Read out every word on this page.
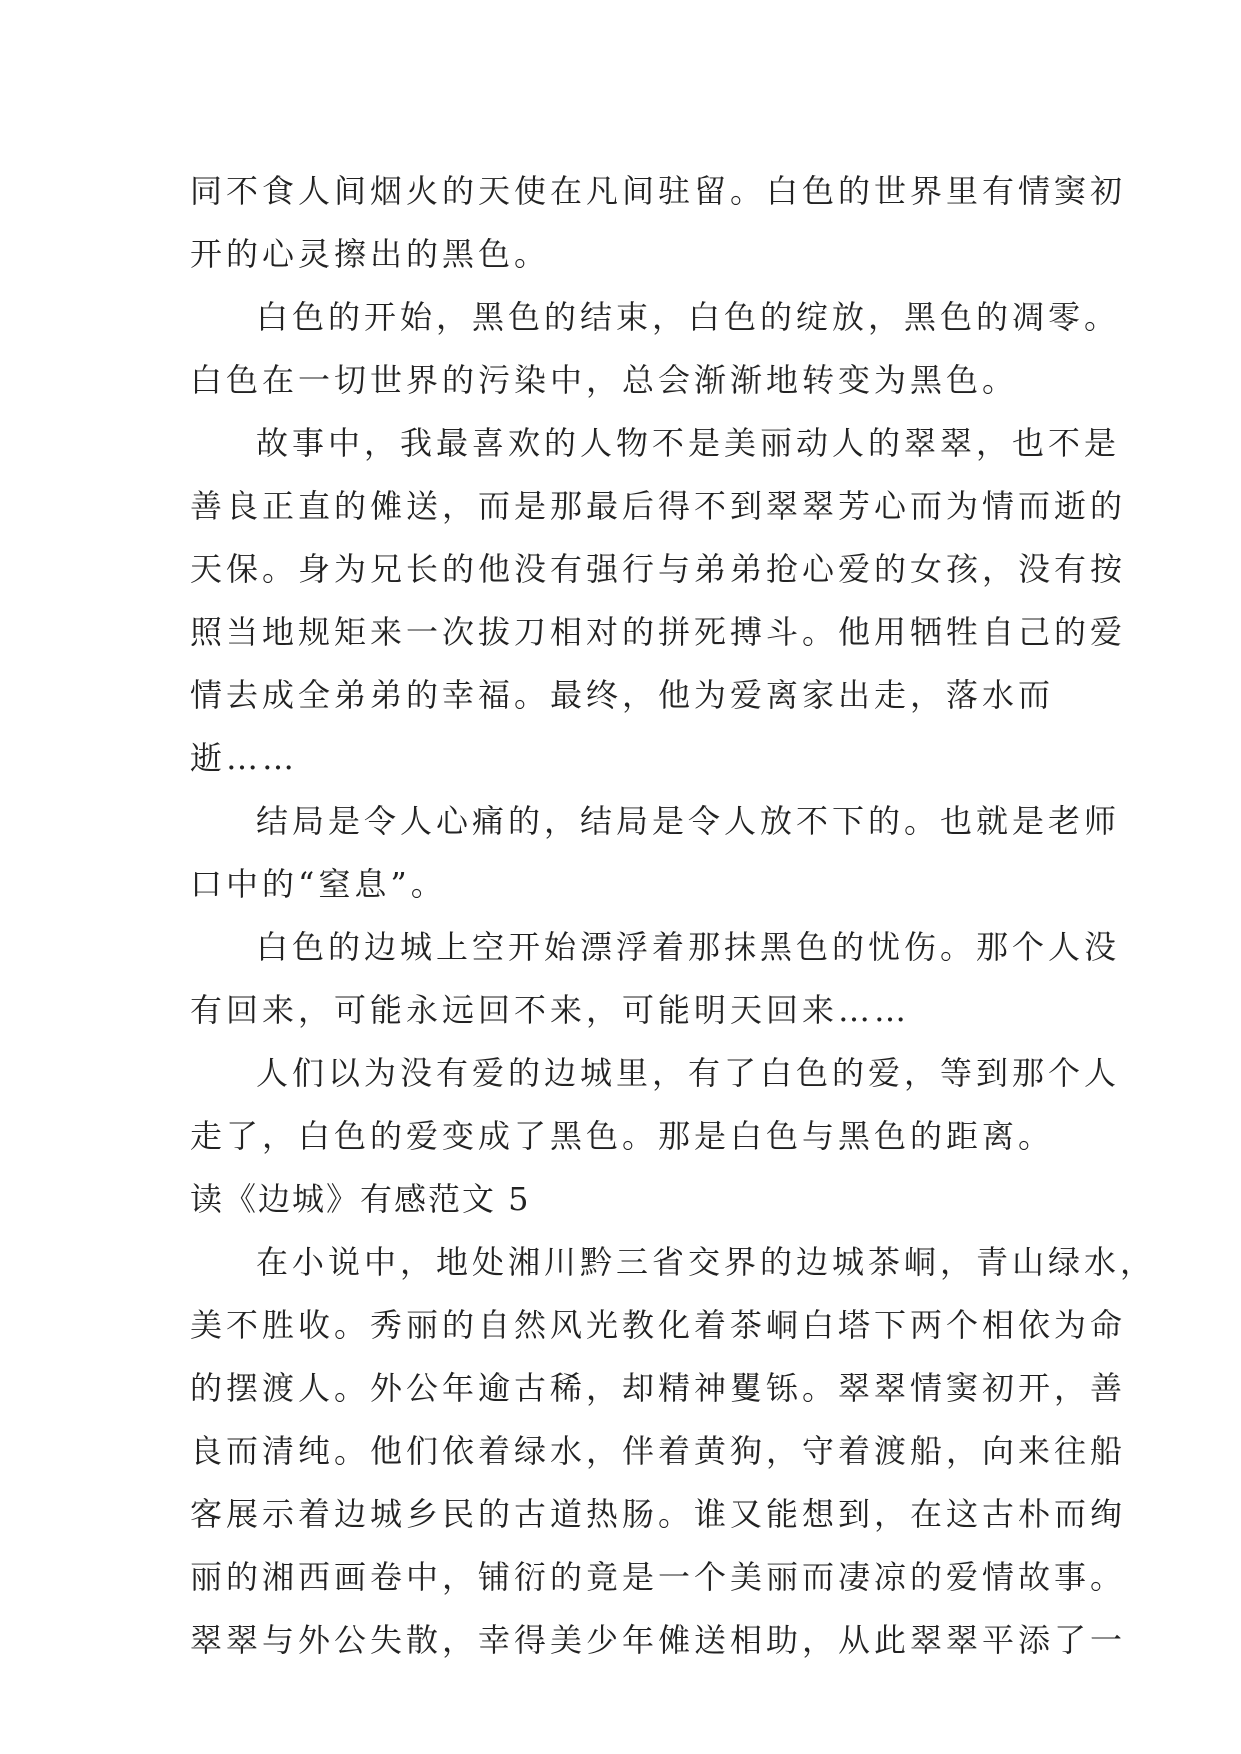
同不食人间烟火的天使在凡间驻留。白色的世界里有情窦初
开的心灵擦出的黑色。
白色的开始，黑色的结束，白色的绽放，黑色的凋零。
白色在一切世界的污染中，总会渐渐地转变为黑色。
故事中，我最喜欢的人物不是美丽动人的翠翠，也不是
善良正直的傩送，而是那最后得不到翠翠芳心而为情而逝的
天保。身为兄长的他没有强行与弟弟抢心爱的女孩，没有按
照当地规矩来一次拔刀相对的拼死搏斗。他用牺牲自己的爱
情去成全弟弟的幸福。最终，他为爱离家出走，落水而
逝……
结局是令人心痛的，结局是令人放不下的。也就是老师
口中的“窒息”。
白色的边城上空开始漂浮着那抹黑色的忧伤。那个人没
有回来，可能永远回不来，可能明天回来……
人们以为没有爱的边城里，有了白色的爱，等到那个人
走了，白色的爱变成了黑色。那是白色与黑色的距离。
读《边城》有感范文 5
在小说中，地处湘川黔三省交界的边城茶峒，青山绿水，
美不胜收。秀丽的自然风光教化着茶峒白塔下两个相依为命
的摆渡人。外公年逾古稀，却精神矍铄。翠翠情窦初开，善
良而清纯。他们依着绿水，伴着黄狗，守着渡船，向来往船
客展示着边城乡民的古道热肠。谁又能想到，在这古朴而绚
丽的湘西画卷中，铺衍的竟是一个美丽而凄凉的爱情故事。
翠翠与外公失散，幸得美少年傩送相助，从此翠翠平添了一
